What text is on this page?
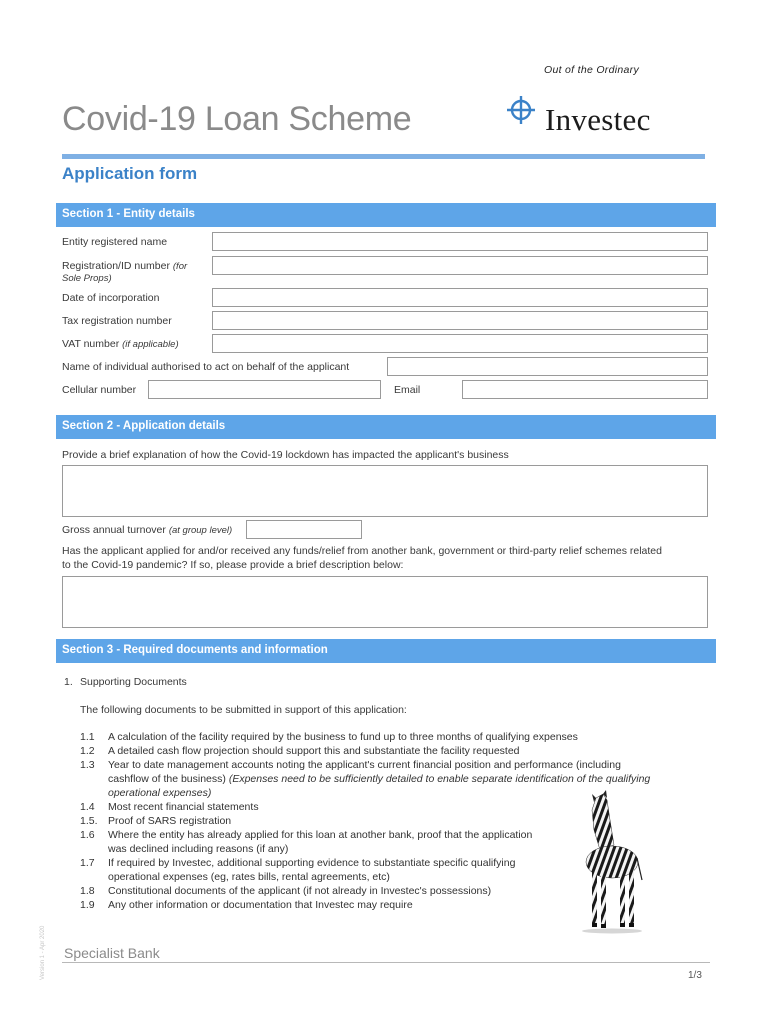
Out of the Ordinary
Covid-19 Loan Scheme	Investec
Application form
Section 1 - Entity details
Entity registered name
Registration/ID number (for
Sole Props)
Date of incorporation
Tax registration number
VAT number (if applicable)
Name of individual authorised to act on behalf of the applicant
Cellular number	Email
Section 2 - Application details
Provide a brief explanation of how the Covid-19 lockdown has impacted the applicant's business
Gross annual turnover (at group level)
Has the applicant applied for and/or received any funds/relief from another bank, government or third-party relief schemes related
to the Covid-19 pandemic? If so, please provide a brief description below:
Section 3 - Required documents and information
1. Supporting Documents
The following documents to be submitted in support of this application:
1.1 A calculation of the facility required by the business to fund up to three months of qualifying expenses
1.2 A detailed cash flow projection should support this and substantiate the facility requested
1.3 Year to date management accounts noting the applicant's current financial position and performance (including
cashflow of the business) (Expenses need to be sufficiently detailed to enable separate identification of the qualifying
operational expenses)
1.4 Most recent financial statements
1.5. Proof of SARS registration
1.6 Where the entity has already applied for this loan at another bank, proof that the application
was declined including reasons (if any)
1.7 If required by Investec, additional supporting evidence to substantiate specific qualifying
operational expenses (eg, rates bills, rental agreements, etc)
1.8 Constitutional documents of the applicant (if not already in Investec's possessions)
1.9 Any other information or documentation that Investec may require
Version 1 - Apr 2020 Specialist Bank
1/3
